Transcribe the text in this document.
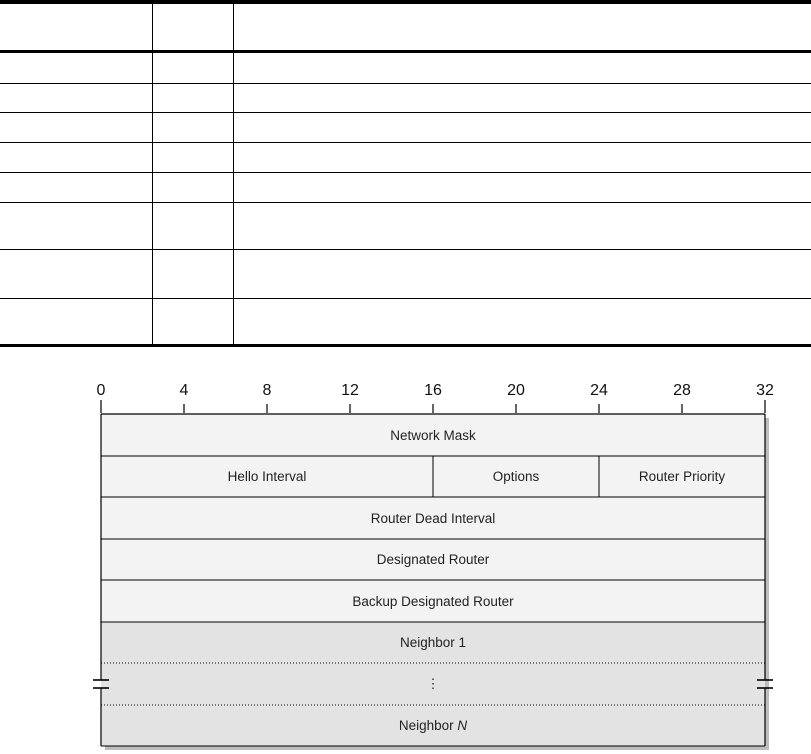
0	4	8	12	16	20	24	28	32
Network Mask
Hello Interval	Options	Router Priority
Router Dead Interval
Designated Router
Backup Designated Router
Neighbor 1
⋮
Neighbor N
